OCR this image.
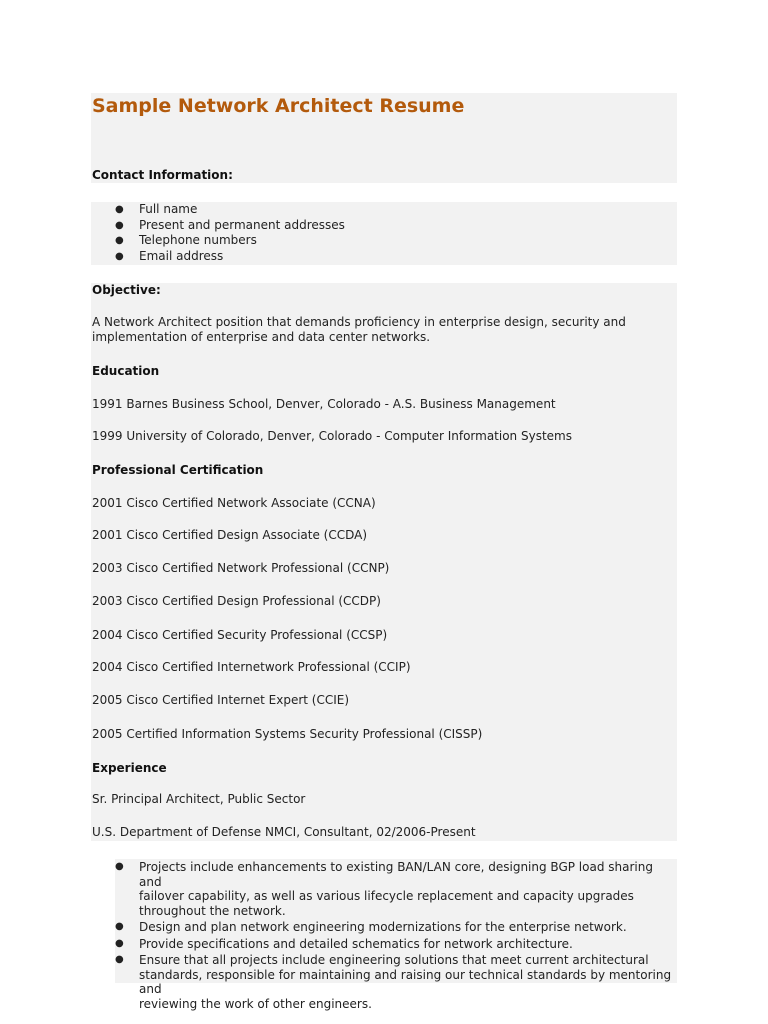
Sample Network Architect Resume
Contact Information:
● Full name
● Present and permanent addresses
● Telephone numbers
● Email address
Objective:
A Network Architect position that demands proficiency in enterprise design, security and
implementation of enterprise and data center networks.
Education
1991 Barnes Business School, Denver, Colorado - A.S. Business Management
1999 University of Colorado, Denver, Colorado - Computer Information Systems
Professional Certification
2001 Cisco Certified Network Associate (CCNA)
2001 Cisco Certified Design Associate (CCDA)
2003 Cisco Certified Network Professional (CCNP)
2003 Cisco Certified Design Professional (CCDP)
2004 Cisco Certified Security Professional (CCSP)
2004 Cisco Certified Internetwork Professional (CCIP)
2005 Cisco Certified Internet Expert (CCIE)
2005 Certified Information Systems Security Professional (CISSP)
Experience
Sr. Principal Architect, Public Sector
U.S. Department of Defense NMCI, Consultant, 02/2006-Present
● Projects include enhancements to existing BAN/LAN core, designing BGP load sharing and
failover capability, as well as various lifecycle replacement and capacity upgrades
throughout the network.
● Design and plan network engineering modernizations for the enterprise network.
● Provide specifications and detailed schematics for network architecture.
● Ensure that all projects include engineering solutions that meet current architectural
standards, responsible for maintaining and raising our technical standards by mentoring and
reviewing the work of other engineers.
